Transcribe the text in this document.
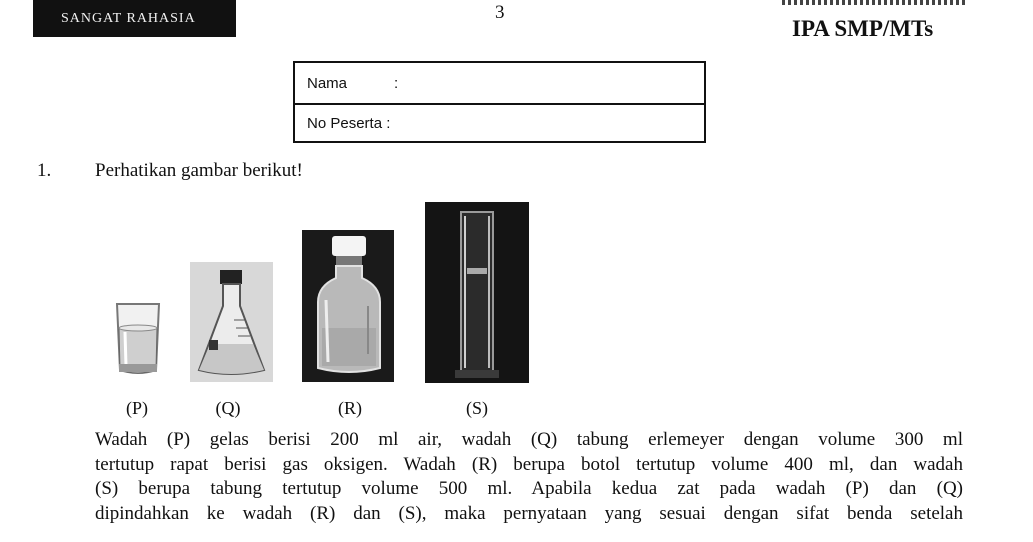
SANGAT RAHASIA	3
IPA SMP/MTs
Nama	:
No Peserta :
1. Perhatikan gambar berikut!
(P)	(Q)	(R)	(S)
Wadah (P) gelas berisi 200 ml air, wadah (Q) tabung erlemeyer dengan volume 300 ml
tertutup rapat berisi gas oksigen. Wadah (R) berupa botol tertutup volume 400 ml, dan wadah
(S) berupa tabung tertutup volume 500 ml. Apabila kedua zat pada wadah (P) dan (Q)
dipindahkan ke wadah (R) dan (S), maka pernyataan yang sesuai dengan sifat benda setelah
